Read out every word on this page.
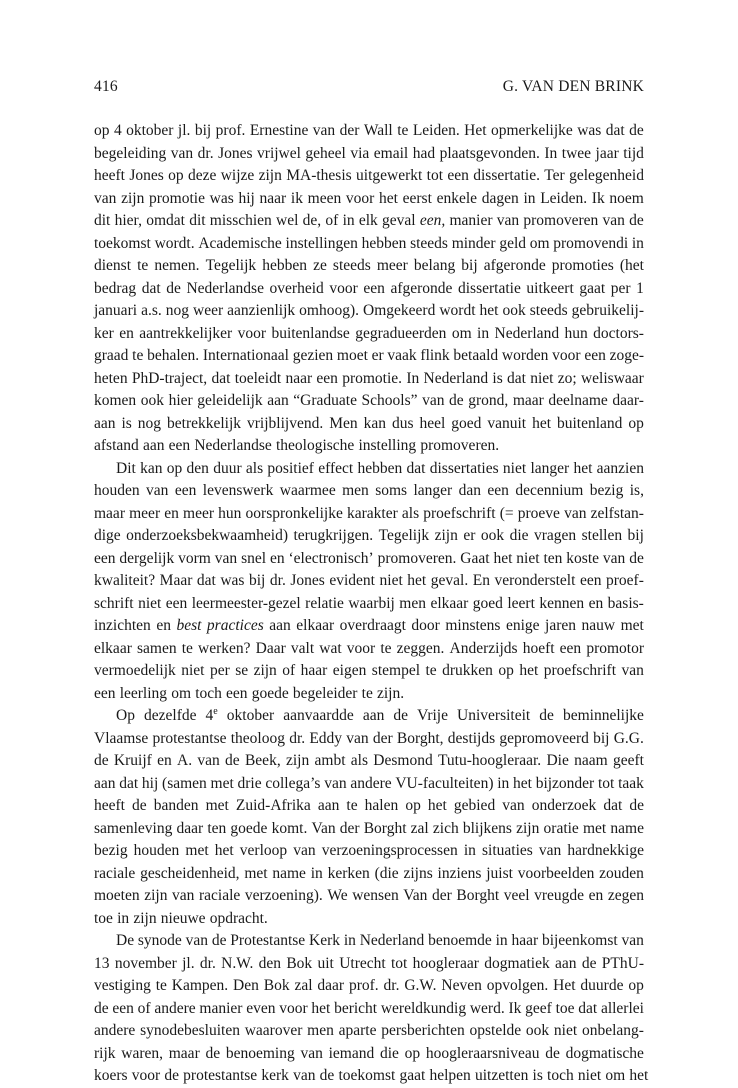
416	G. VAN DEN BRINK
op 4 oktober jl. bij prof. Ernestine van der Wall te Leiden. Het opmerkelijke was dat de
begeleiding van dr. Jones vrijwel geheel via email had plaatsgevonden. In twee jaar tijd
heeft Jones op deze wijze zijn MA-thesis uitgewerkt tot een dissertatie. Ter gelegenheid
van zijn promotie was hij naar ik meen voor het eerst enkele dagen in Leiden. Ik noem
dit hier, omdat dit misschien wel de, of in elk geval een, manier van promoveren van de
toekomst wordt. Academische instellingen hebben steeds minder geld om promovendi in
dienst te nemen. Tegelijk hebben ze steeds meer belang bij afgeronde promoties (het
bedrag dat de Nederlandse overheid voor een afgeronde dissertatie uitkeert gaat per 1
januari a.s. nog weer aanzienlijk omhoog). Omgekeerd wordt het ook steeds gebruikelij-
ker en aantrekkelijker voor buitenlandse gegradueerden om in Nederland hun doctors-
graad te behalen. Internationaal gezien moet er vaak flink betaald worden voor een zoge-
heten PhD-traject, dat toeleidt naar een promotie. In Nederland is dat niet zo; weliswaar
komen ook hier geleidelijk aan “Graduate Schools” van de grond, maar deelname daar-
aan is nog betrekkelijk vrijblijvend. Men kan dus heel goed vanuit het buitenland op
afstand aan een Nederlandse theologische instelling promoveren.
Dit kan op den duur als positief effect hebben dat dissertaties niet langer het aanzien
houden van een levenswerk waarmee men soms langer dan een decennium bezig is,
maar meer en meer hun oorspronkelijke karakter als proefschrift (= proeve van zelfstan-
dige onderzoeksbekwaamheid) terugkrijgen. Tegelijk zijn er ook die vragen stellen bij
een dergelijk vorm van snel en ‘electronisch’ promoveren. Gaat het niet ten koste van de
kwaliteit? Maar dat was bij dr. Jones evident niet het geval. En veronderstelt een proef-
schrift niet een leermeester-gezel relatie waarbij men elkaar goed leert kennen en basis-
inzichten en best practices aan elkaar overdraagt door minstens enige jaren nauw met
elkaar samen te werken? Daar valt wat voor te zeggen. Anderzijds hoeft een promotor
vermoedelijk niet per se zijn of haar eigen stempel te drukken op het proefschrift van
een leerling om toch een goede begeleider te zijn.
Op dezelfde 4e oktober aanvaardde aan de Vrije Universiteit de beminnelijke
Vlaamse protestantse theoloog dr. Eddy van der Borght, destijds gepromoveerd bij G.G.
de Kruijf en A. van de Beek, zijn ambt als Desmond Tutu-hoogleraar. Die naam geeft
aan dat hij (samen met drie collega’s van andere VU-faculteiten) in het bijzonder tot taak
heeft de banden met Zuid-Afrika aan te halen op het gebied van onderzoek dat de
samenleving daar ten goede komt. Van der Borght zal zich blijkens zijn oratie met name
bezig houden met het verloop van verzoeningsprocessen in situaties van hardnekkige
raciale gescheidenheid, met name in kerken (die zijns inziens juist voorbeelden zouden
moeten zijn van raciale verzoening). We wensen Van der Borght veel vreugde en zegen
toe in zijn nieuwe opdracht.
De synode van de Protestantse Kerk in Nederland benoemde in haar bijeenkomst van
13 november jl. dr. N.W. den Bok uit Utrecht tot hoogleraar dogmatiek aan de PThU-
vestiging te Kampen. Den Bok zal daar prof. dr. G.W. Neven opvolgen. Het duurde op
de een of andere manier even voor het bericht wereldkundig werd. Ik geef toe dat allerlei
andere synodebesluiten waarover men aparte persberichten opstelde ook niet onbelang-
rijk waren, maar de benoeming van iemand die op hoogleraarsniveau de dogmatische
koers voor de protestantse kerk van de toekomst gaat helpen uitzetten is toch niet om het
